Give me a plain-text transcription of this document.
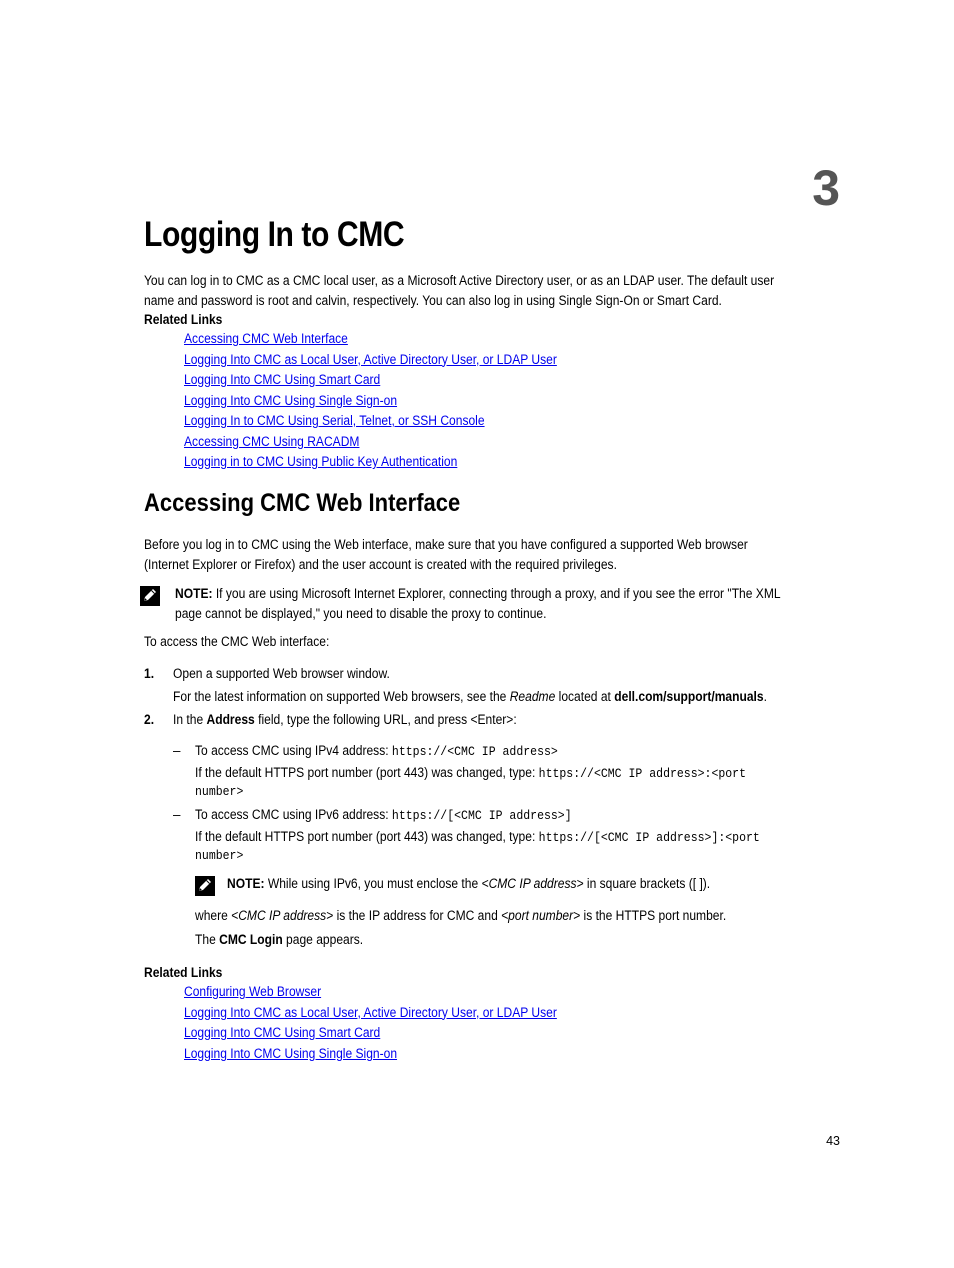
3
Logging In to CMC
You can log in to CMC as a CMC local user, as a Microsoft Active Directory user, or as an LDAP user. The default user
name and password is root and calvin, respectively. You can also log in using Single Sign-On or Smart Card.
Related Links
Accessing CMC Web Interface
Logging Into CMC as Local User, Active Directory User, or LDAP User
Logging Into CMC Using Smart Card
Logging Into CMC Using Single Sign-on
Logging In to CMC Using Serial, Telnet, or SSH Console
Accessing CMC Using RACADM
Logging in to CMC Using Public Key Authentication
Accessing CMC Web Interface
Before you log in to CMC using the Web interface, make sure that you have configured a supported Web browser
(Internet Explorer or Firefox) and the user account is created with the required privileges.
NOTE: If you are using Microsoft Internet Explorer, connecting through a proxy, and if you see the error "The XML
page cannot be displayed," you need to disable the proxy to continue.
To access the CMC Web interface:
1. Open a supported Web browser window.
For the latest information on supported Web browsers, see the Readme located at dell.com/support/manuals.
2. In the Address field, type the following URL, and press <Enter>:
– To access CMC using IPv4 address: https://<CMC IP address>
If the default HTTPS port number (port 443) was changed, type: https://<CMC IP address>:<port
number>
– To access CMC using IPv6 address: https://[<CMC IP address>]
If the default HTTPS port number (port 443) was changed, type: https://[<CMC IP address>]:<port
number>
NOTE: While using IPv6, you must enclose the <CMC IP address> in square brackets ([ ]).
where <CMC IP address> is the IP address for CMC and <port number> is the HTTPS port number.
The CMC Login page appears.
Related Links
Configuring Web Browser
Logging Into CMC as Local User, Active Directory User, or LDAP User
Logging Into CMC Using Smart Card
Logging Into CMC Using Single Sign-on
43
